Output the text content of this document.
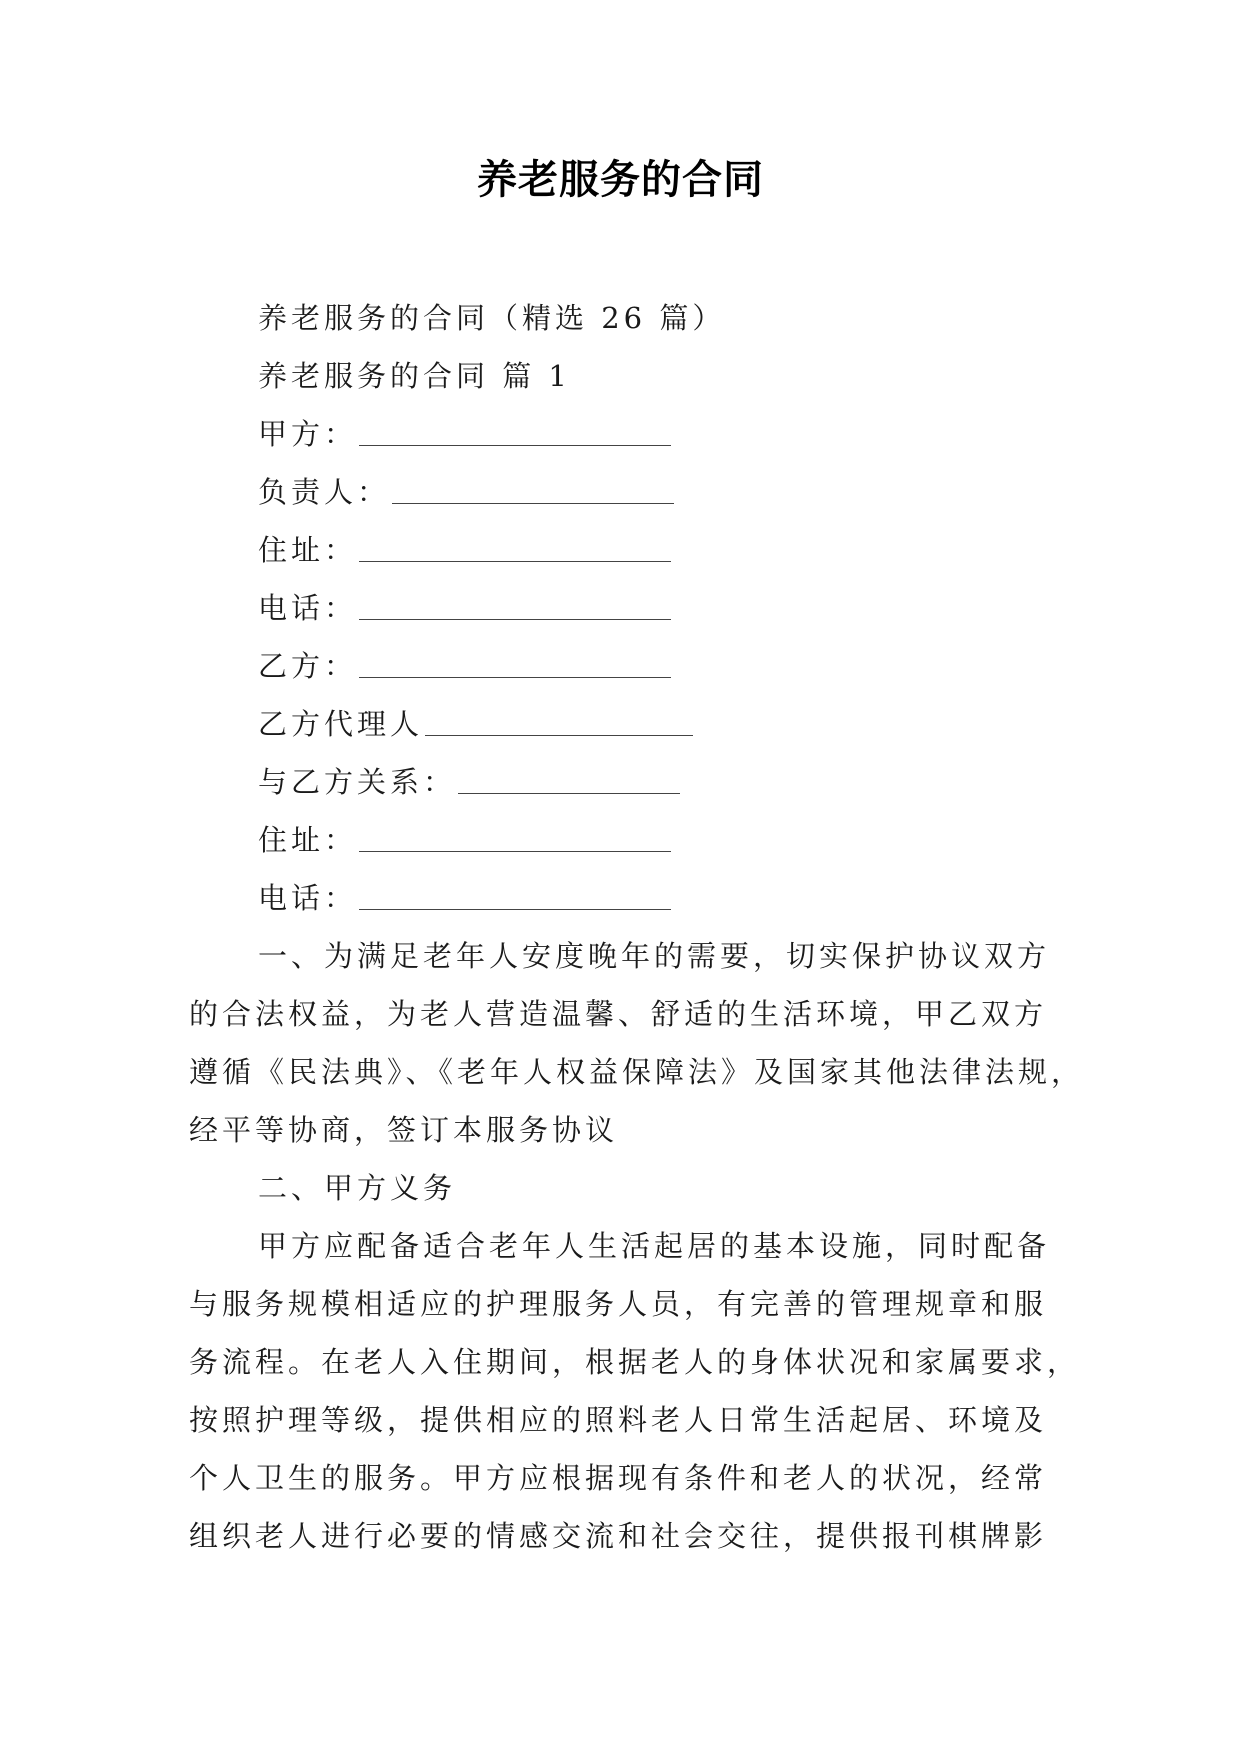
养老服务的合同
养老服务的合同（精选 26 篇）
养老服务的合同 篇 1
甲方：
负责人：
住址：
电话：
乙方：
乙方代理人
与乙方关系：
住址：
电话：
一、为满足老年人安度晚年的需要，切实保护协议双方
的合法权益，为老人营造温馨、舒适的生活环境，甲乙双方
遵循《民法典》、《老年人权益保障法》及国家其他法律法规，
经平等协商，签订本服务协议
二、甲方义务
甲方应配备适合老年人生活起居的基本设施，同时配备
与服务规模相适应的护理服务人员，有完善的管理规章和服
务流程。在老人入住期间，根据老人的身体状况和家属要求，
按照护理等级，提供相应的照料老人日常生活起居、环境及
个人卫生的服务。甲方应根据现有条件和老人的状况，经常
组织老人进行必要的情感交流和社会交往，提供报刊棋牌影
